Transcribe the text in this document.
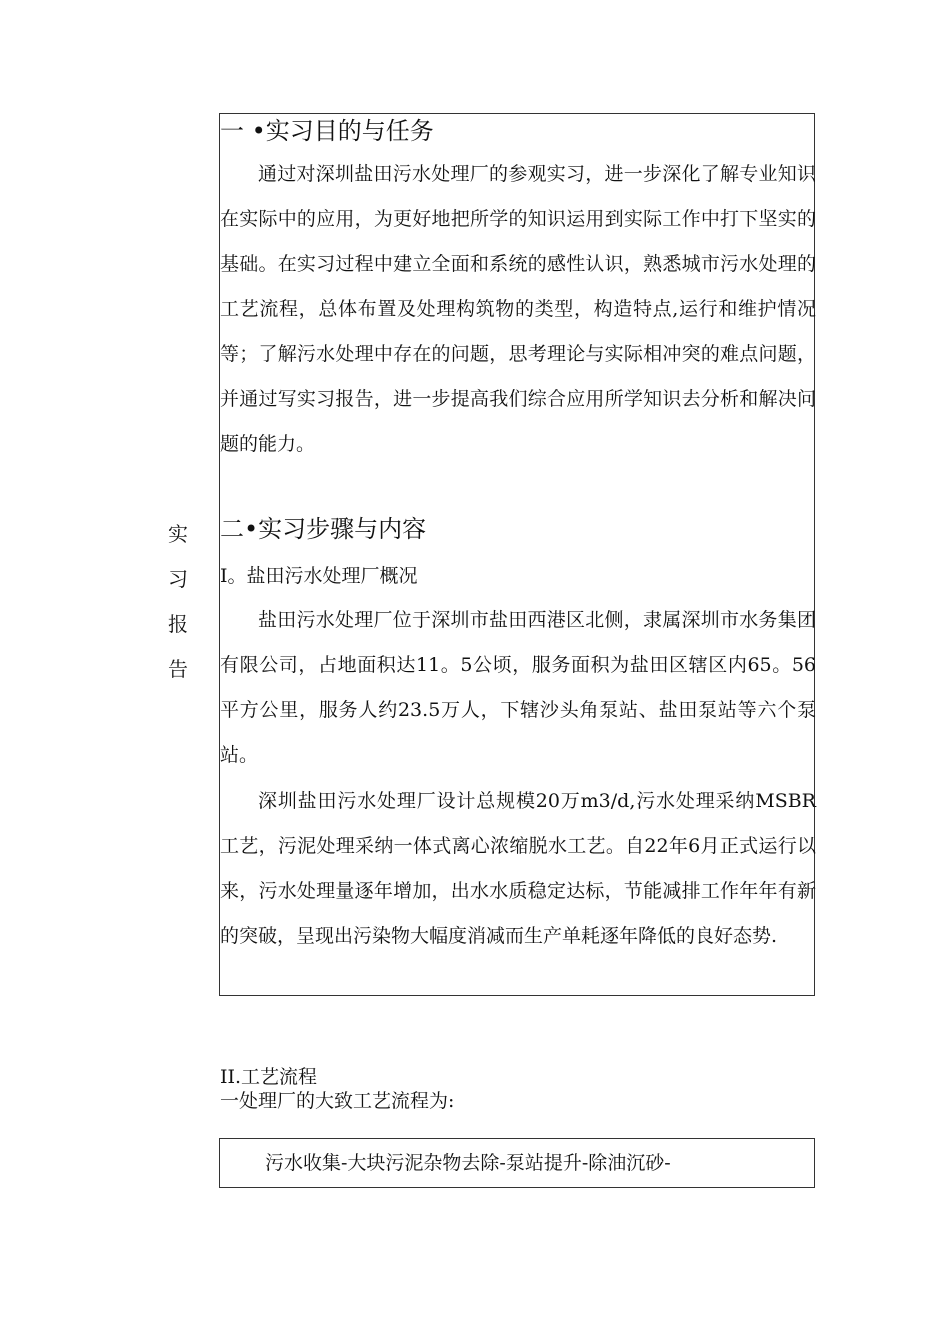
实
习
报
告
一 •实习目的与任务

通过对深圳盐田污水处理厂的参观实习，进一步深化了解专业知识在实际中的应用，为更好地把所学的知识运用到实际工作中打下坚实的基础。在实习过程中建立全面和系统的感性认识，熟悉城市污水处理的工艺流程，总体布置及处理构筑物的类型，构造特点,运行和维护情况等；了解污水处理中存在的问题，思考理论与实际相冲突的难点问题，并通过写实习报告，进一步提高我们综合应用所学知识去分析和解决问题的能力。

二•实习步骤与内容
I。盐田污水处理厂概况

盐田污水处理厂位于深圳市盐田西港区北侧，隶属深圳市水务集团有限公司，占地面积达11。5公顷，服务面积为盐田区辖区内65。56平方公里，服务人约23.5万人，下辖沙头角泵站、盐田泵站等六个泵站。

深圳盐田污水处理厂设计总规模20万m3/d,污水处理采纳MSBR 工艺，污泥处理采纳一体式离心浓缩脱水工艺。自22年6月正式运行以来，污水处理量逐年增加，出水水质稳定达标，节能减排工作年年有新的突破，呈现出污染物大幅度消减而生产单耗逐年降低的良好态势.

II.工艺流程
一处理厂的大致工艺流程为:
污水收集-大块污泥杂物去除-泵站提升-除油沉砂-
